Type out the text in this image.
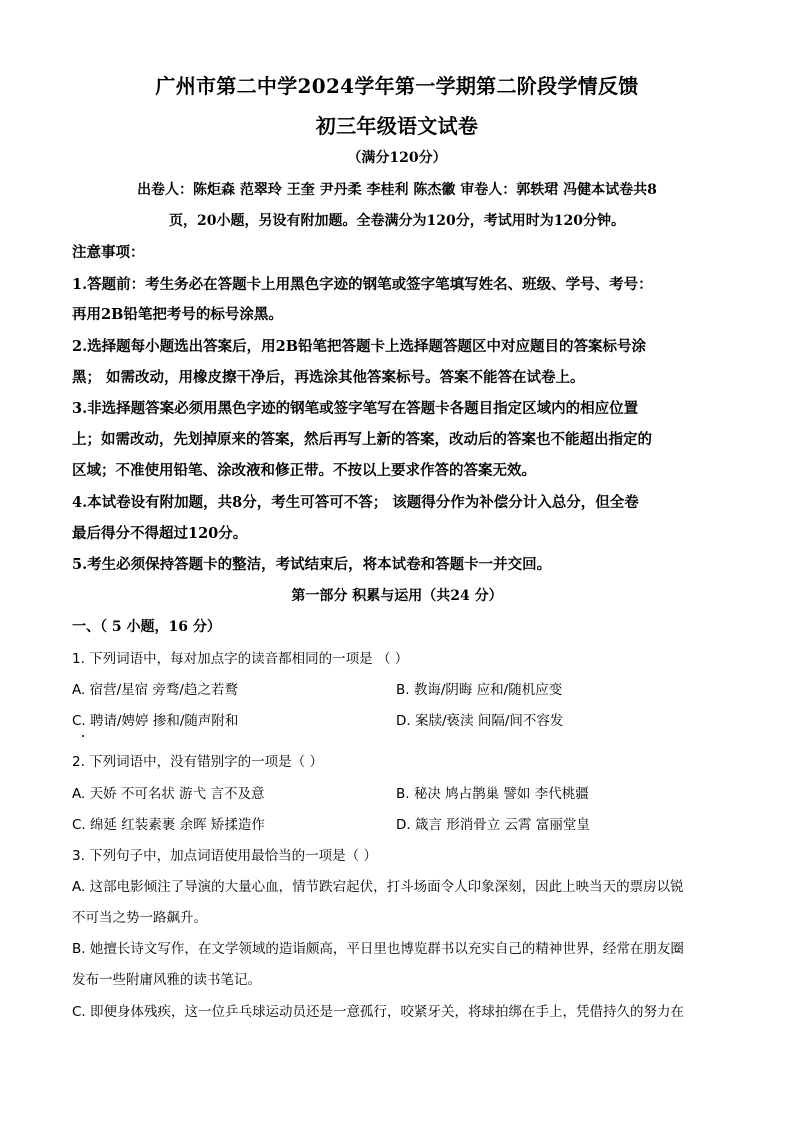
广州市第二中学2024学年第一学期第二阶段学情反馈
初三年级语文试卷
（满分120分）
出卷人：陈炬森 范翠玲 王奎 尹丹柔 李桂利 陈杰徽 审卷人：郭轶珺 冯健本试卷共8
页，20小题，另设有附加题。全卷满分为120分，考试用时为120分钟。
注意事项：
1.答题前：考生务必在答题卡上用黑色字迹的钢笔或签字笔填写姓名、班级、学号、考号：
再用2B铅笔把考号的标号涂黑。
2.选择题每小题选出答案后，用2B铅笔把答题卡上选择题答题区中对应题目的答案标号涂
黑； 如需改动，用橡皮擦干净后，再选涂其他答案标号。答案不能答在试卷上。
3.非选择题答案必须用黑色字迹的钢笔或签字笔写在答题卡各题目指定区域内的相应位置
上；如需改动，先划掉原来的答案，然后再写上新的答案，改动后的答案也不能超出指定的
区域；不准使用铅笔、涂改液和修正带。不按以上要求作答的答案无效。
4.本试卷设有附加题，共8分，考生可答可不答； 该题得分作为补偿分计入总分，但全卷
最后得分不得超过120分。
5.考生必须保持答题卡的整洁，考试结束后，将本试卷和答题卡一并交回。
第一部分 积累与运用（共24 分）
一、（ 5 小题，16 分）
1. 下列词语中，每对加点字的读音都相同的一项是 （ ）
A. 宿营/星宿 旁骛/趋之若鹜	B. 教诲/阴晦 应和/随机应变
C. 聘请/娉婷 掺和/随声附和	D. 案牍/亵渎 间隔/间不容发
2. 下列词语中，没有错别字的一项是（ ）
A. 天娇 不可名状 游弋 言不及意	B. 秘决 鸠占鹊巢 譬如 李代桃疆
C. 绵延 红装素裹 余晖 矫揉造作	D. 箴言 形消骨立 云霄 富丽堂皇
3. 下列句子中，加点词语使用最恰当的一项是（ ）
A. 这部电影倾注了导演的大量心血，情节跌宕起伏，打斗场面令人印象深刻，因此上映当天的票房以锐
不可当之势一路飙升。
B. 她擅长诗文写作，在文学领域的造诣颇高，平日里也博览群书以充实自己的精神世界，经常在朋友圈
发布一些附庸风雅的读书笔记。
C. 即便身体残疾，这一位乒乓球运动员还是一意孤行，咬紧牙关，将球拍绑在手上，凭借持久的努力在
